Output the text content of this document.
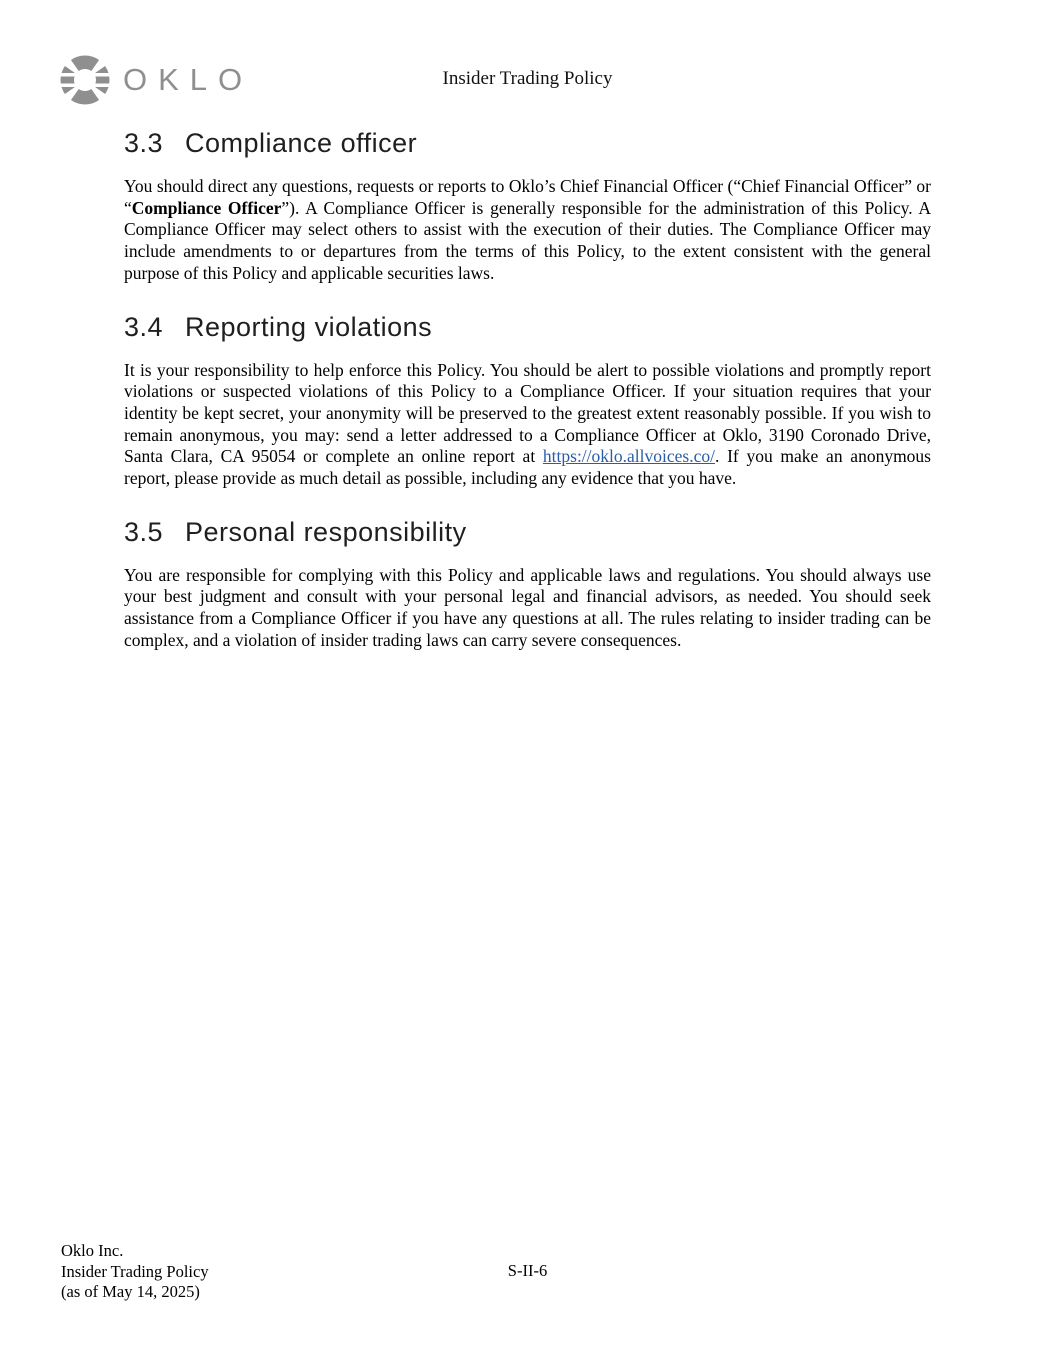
OKLO	Insider Trading Policy
3.3 Compliance officer

You should direct any questions, requests or reports to Oklo’s Chief Financial Officer (“Chief Financial Officer” or “Compliance Officer”). A Compliance Officer is generally responsible for the administration of this Policy. A Compliance Officer may select others to assist with the execution of their duties. The Compliance Officer may include amendments to or departures from the terms of this Policy, to the extent consistent with the general purpose of this Policy and applicable securities laws.

3.4 Reporting violations

It is your responsibility to help enforce this Policy. You should be alert to possible violations and promptly report violations or suspected violations of this Policy to a Compliance Officer. If your situation requires that your identity be kept secret, your anonymity will be preserved to the greatest extent reasonably possible. If you wish to remain anonymous, you may: send a letter addressed to a Compliance Officer at Oklo, 3190 Coronado Drive, Santa Clara, CA 95054 or complete an online report at https://oklo.allvoices.co/. If you make an anonymous report, please provide as much detail as possible, including any evidence that you have.

3.5 Personal responsibility

You are responsible for complying with this Policy and applicable laws and regulations. You should always use your best judgment and consult with your personal legal and financial advisors, as needed. You should seek assistance from a Compliance Officer if you have any questions at all. The rules relating to insider trading can be complex, and a violation of insider trading laws can carry severe consequences.

Oklo Inc.
Insider Trading Policy
(as of May 14, 2025)
S-II-6
